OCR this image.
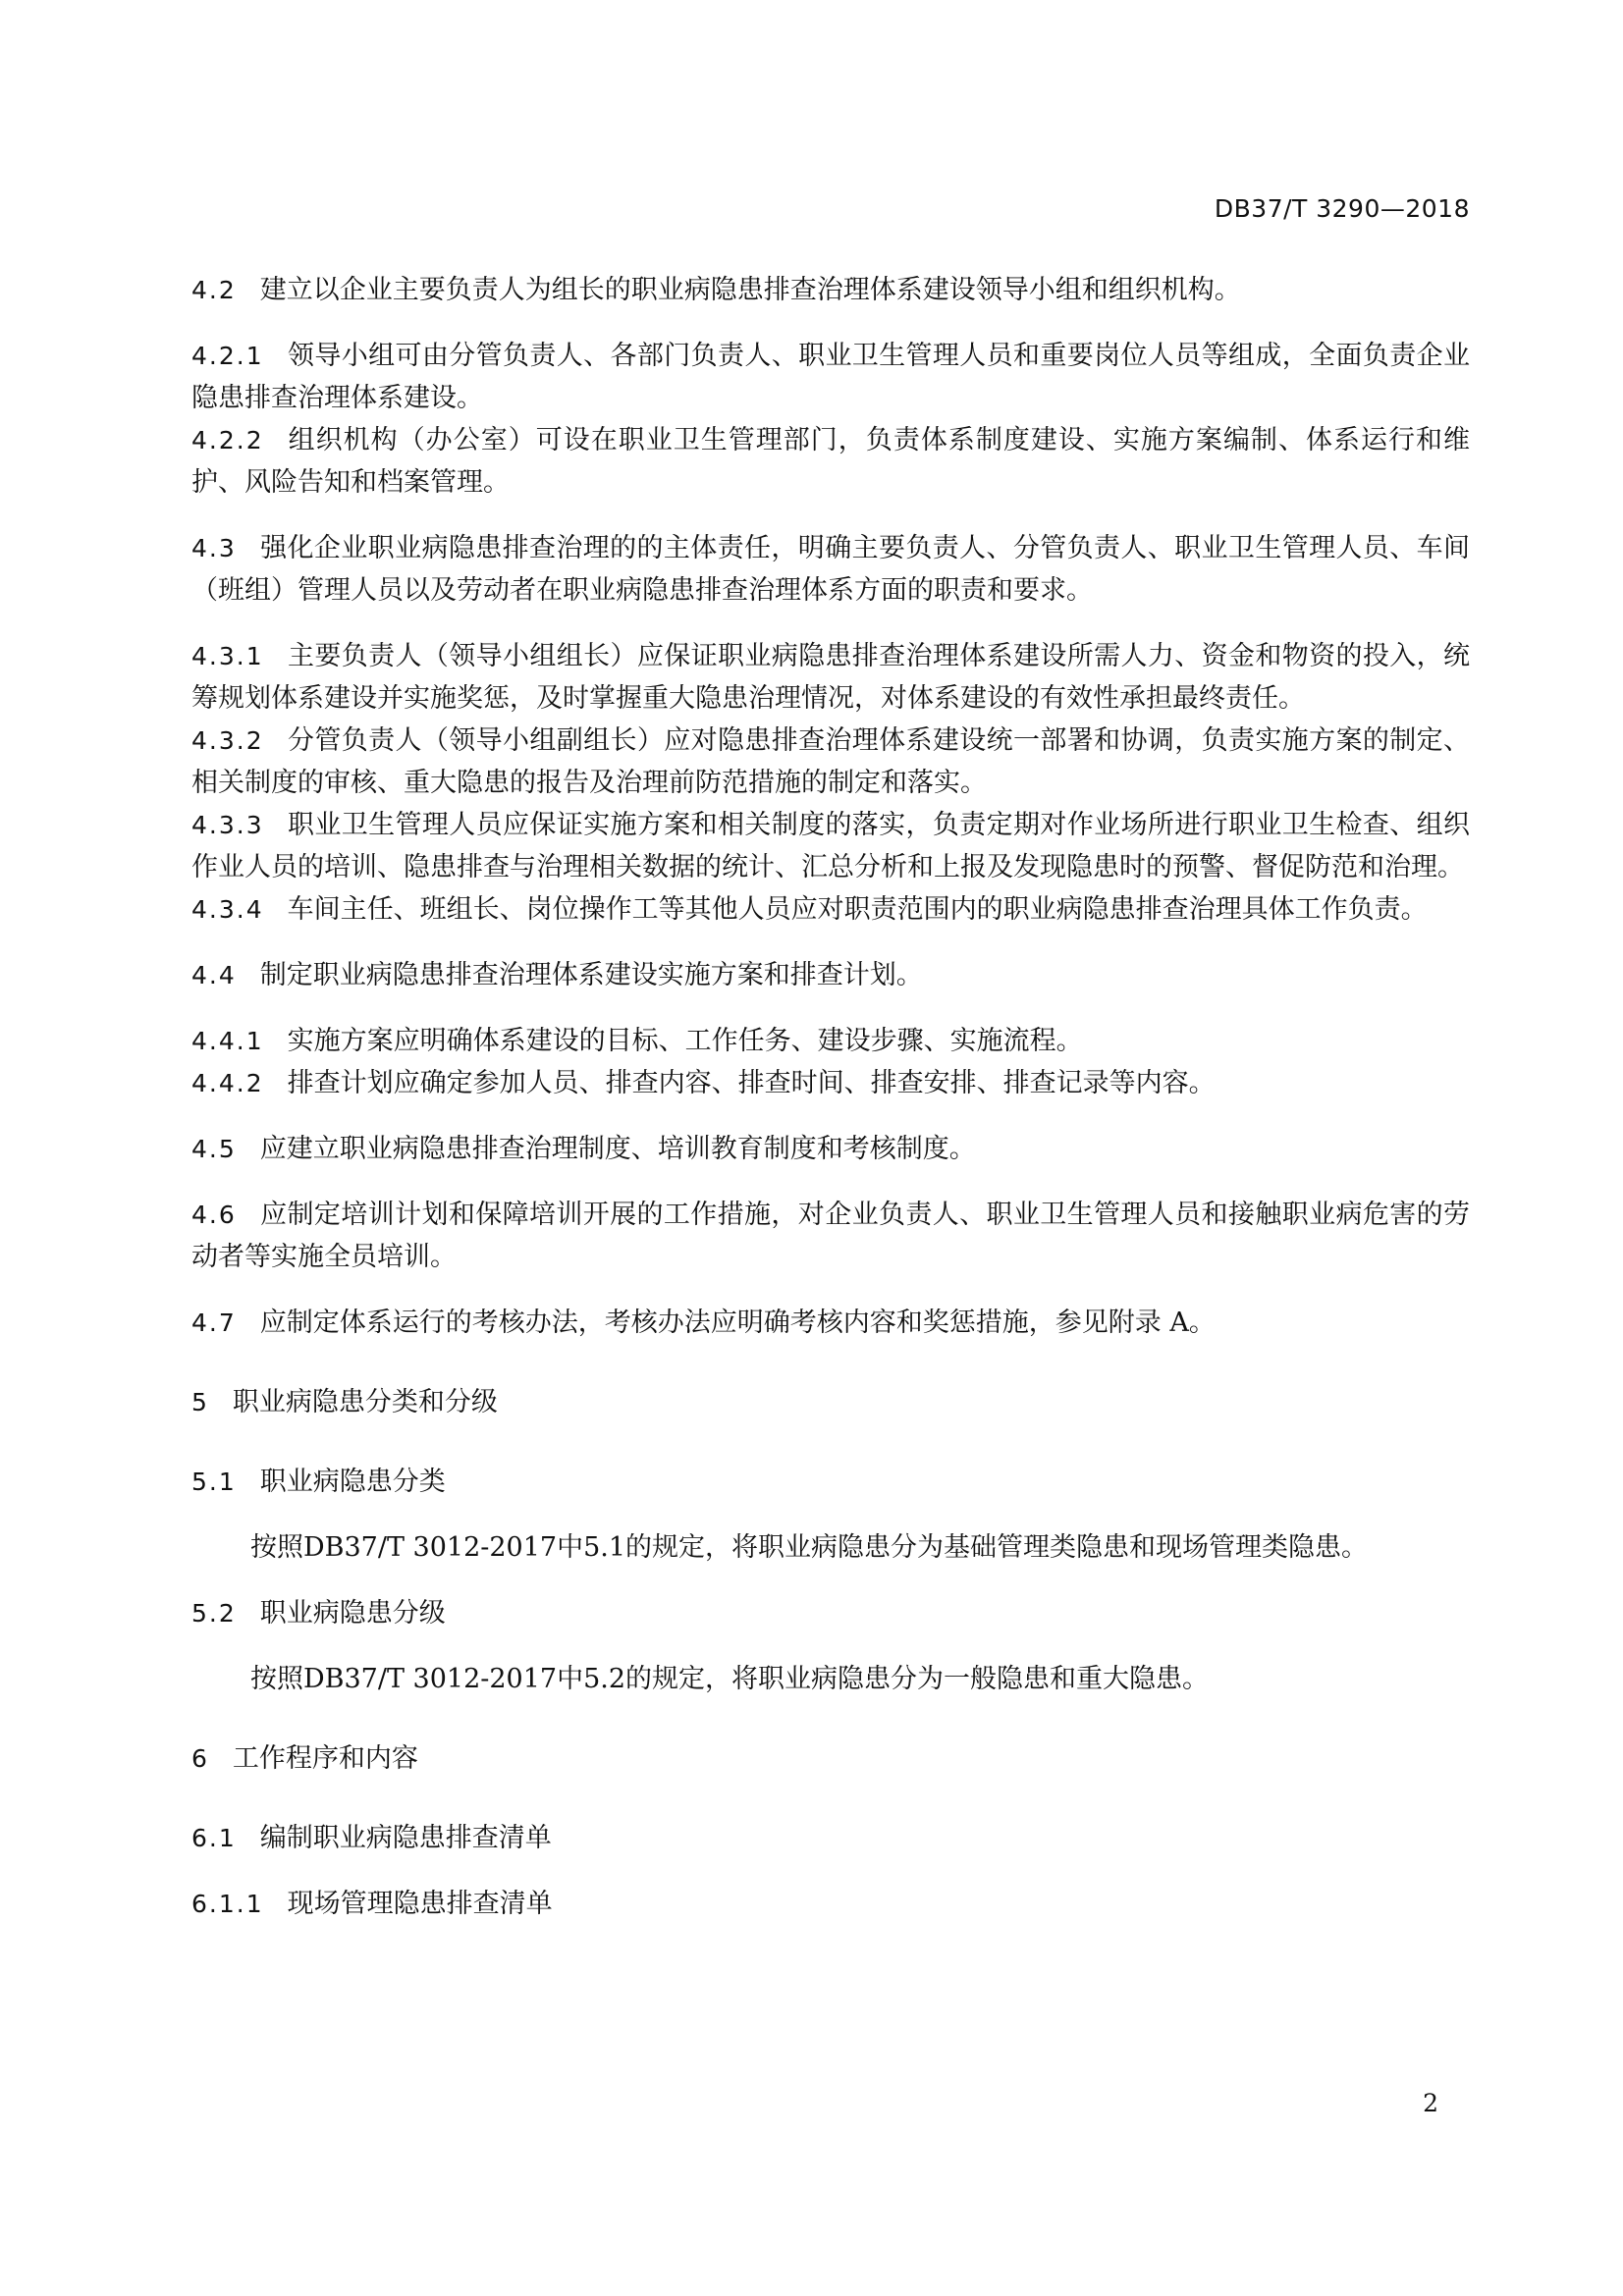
DB37/T 3290—2018

4.2 建立以企业主要负责人为组长的职业病隐患排查治理体系建设领导小组和组织机构。

4.2.1 领导小组可由分管负责人、各部门负责人、职业卫生管理人员和重要岗位人员等组成，全面负责企业隐患排查治理体系建设。

4.2.2 组织机构（办公室）可设在职业卫生管理部门，负责体系制度建设、实施方案编制、体系运行和维护、风险告知和档案管理。

4.3 强化企业职业病隐患排查治理的的主体责任，明确主要负责人、分管负责人、职业卫生管理人员、车间（班组）管理人员以及劳动者在职业病隐患排查治理体系方面的职责和要求。

4.3.1 主要负责人（领导小组组长）应保证职业病隐患排查治理体系建设所需人力、资金和物资的投入，统筹规划体系建设并实施奖惩，及时掌握重大隐患治理情况，对体系建设的有效性承担最终责任。

4.3.2 分管负责人（领导小组副组长）应对隐患排查治理体系建设统一部署和协调，负责实施方案的制定、相关制度的审核、重大隐患的报告及治理前防范措施的制定和落实。

4.3.3 职业卫生管理人员应保证实施方案和相关制度的落实，负责定期对作业场所进行职业卫生检查、组织作业人员的培训、隐患排查与治理相关数据的统计、汇总分析和上报及发现隐患时的预警、督促防范和治理。

4.3.4 车间主任、班组长、岗位操作工等其他人员应对职责范围内的职业病隐患排查治理具体工作负责。

4.4 制定职业病隐患排查治理体系建设实施方案和排查计划。

4.4.1 实施方案应明确体系建设的目标、工作任务、建设步骤、实施流程。

4.4.2 排查计划应确定参加人员、排查内容、排查时间、排查安排、排查记录等内容。

4.5 应建立职业病隐患排查治理制度、培训教育制度和考核制度。

4.6 应制定培训计划和保障培训开展的工作措施，对企业负责人、职业卫生管理人员和接触职业病危害的劳动者等实施全员培训。

4.7 应制定体系运行的考核办法，考核办法应明确考核内容和奖惩措施，参见附录 A。

5 职业病隐患分类和分级

5.1 职业病隐患分类

按照DB37/T 3012-2017中5.1的规定，将职业病隐患分为基础管理类隐患和现场管理类隐患。

5.2 职业病隐患分级

按照DB37/T 3012-2017中5.2的规定，将职业病隐患分为一般隐患和重大隐患。

6 工作程序和内容

6.1 编制职业病隐患排查清单

6.1.1 现场管理隐患排查清单

2
